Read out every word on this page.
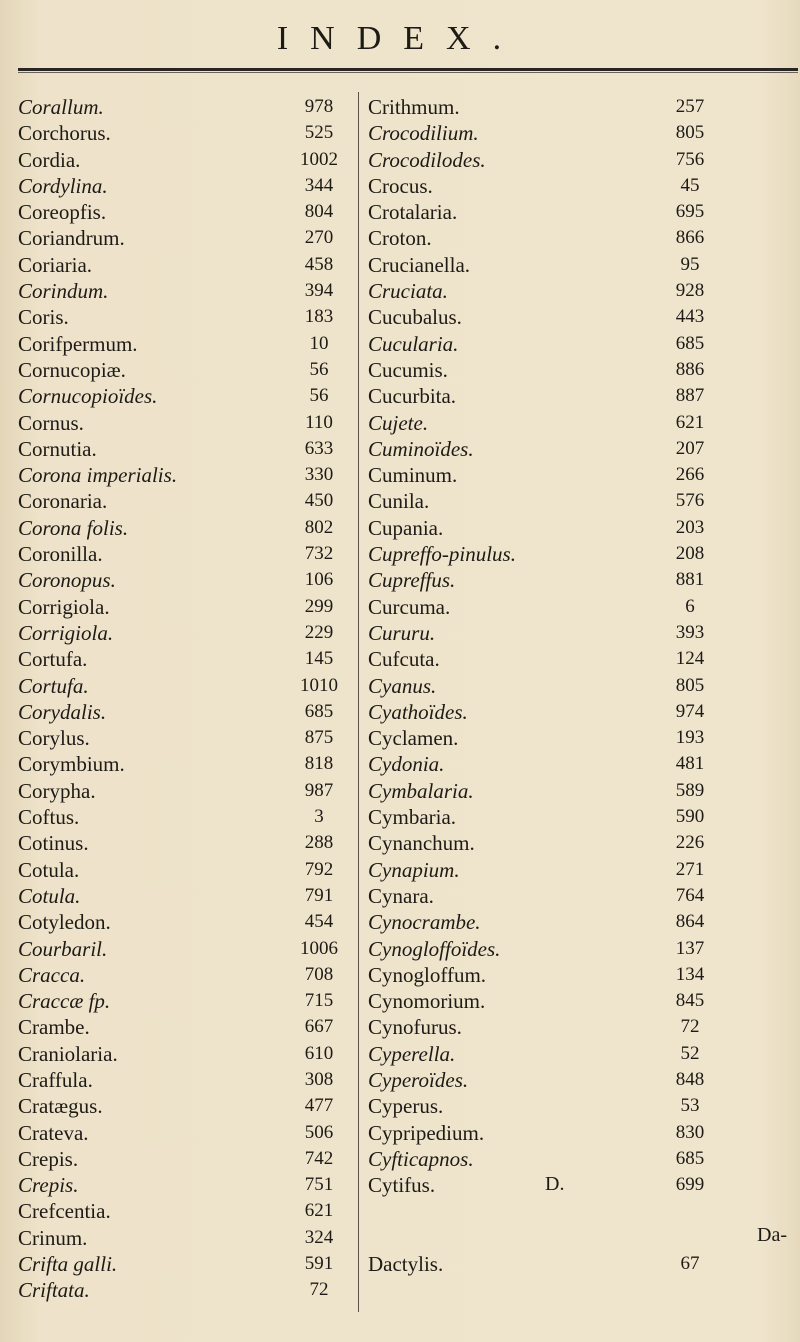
INDEX.
Corallum.
Corchorus.
Cordia.
Cordylina.
Coreopfis.
Coriandrum.
Coriaria.
Corindum.
Coris.
Corifpermum.
Cornucopiæ.
Cornucopioïdes.
Cornus.
Cornutia.
Corona imperialis.
Coronaria.
Corona folis.
Coronilla.
Coronopus.
Corrigiola.
Corrigiola.
Cortufa.
Cortufa.
Corydalis.
Corylus.
Corymbium.
Corypha.
Coftus.
Cotinus.
Cotula.
Cotula.
Cotyledon.
Courbaril.
Cracca.
Craccæ fp.
Crambe.
Craniolaria.
Craffula.
Cratægus.
Crateva.
Crepis.
Crepis.
Crefcentia.
Crinum.
Crifta galli.
Criftata.
978
525
1002
344
804
270
458
394
183
10
56
56
110
633
330
450
802
732
106
299
229
145
1010
685
875
818
987
3
288
792
791
454
1006
708
715
667
610
308
477
506
742
751
621
324
591
72
Crithmum.
Crocodilium.
Crocodilodes.
Crocus.
Crotalaria.
Croton.
Crucianella.
Cruciata.
Cucubalus.
Cucularia.
Cucumis.
Cucurbita.
Cujete.
Cuminoïdes.
Cuminum.
Cunila.
Cupania.
Cupreffo-pinulus.
Cupreffus.
Curcuma.
Cururu.
Cufcuta.
Cyanus.
Cyathoïdes.
Cyclamen.
Cydonia.
Cymbalaria.
Cymbaria.
Cynanchum.
Cynapium.
Cynara.
Cynocrambe.
Cynogloffoïdes.
Cynogloffum.
Cynomorium.
Cynofurus.
Cyperella.
Cyperoïdes.
Cyperus.
Cypripedium.
Cyfticapnos.
Cytifus.
Dactylis.
257
805
756
45
695
866
95
928
443
685
886
887
621
207
266
576
203
208
881
6
393
124
805
974
193
481
589
590
226
271
764
864
137
134
845
72
52
848
53
830
685
699
67
D.
Da-
